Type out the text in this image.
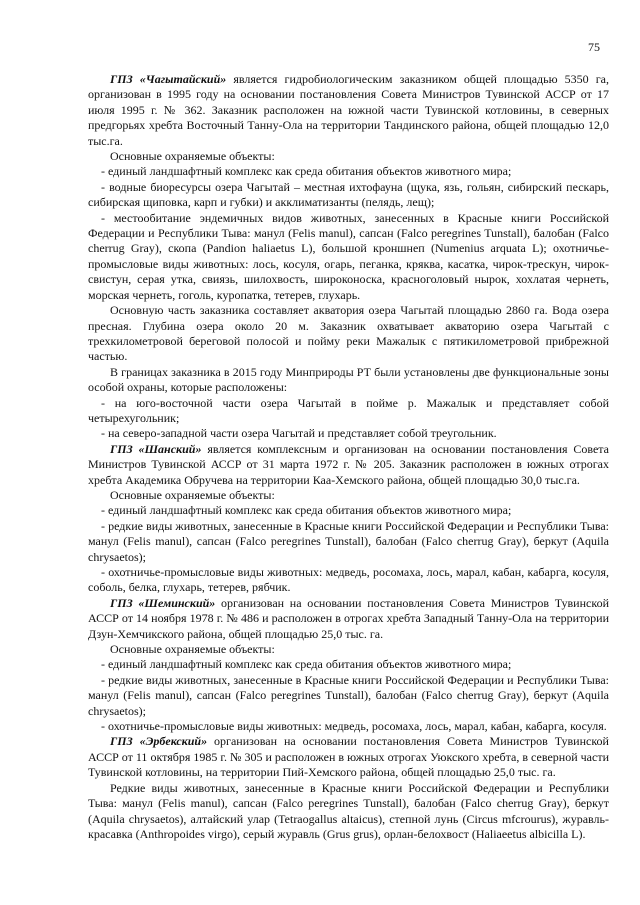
75

ГПЗ «Чагытайский» является гидробиологическим заказником общей площадью 5350 га, организован в 1995 году на основании постановления Совета Министров Тувинской АССР от 17 июля 1995 г. № 362. Заказник расположен на южной части Тувинской котловины, в северных предгорьях хребта Восточный Танну-Ола на территории Тандинского района, общей площадью 12,0 тыс.га.

Основные охраняемые объекты:

- единый ландшафтный комплекс как среда обитания объектов животного мира;

- водные биоресурсы озера Чагытай – местная ихтофауна (щука, язь, гольян, сибирский пескарь, сибирская щиповка, карп и губки) и акклиматизанты (пелядь, лещ);

- местообитание эндемичных видов животных, занесенных в Красные книги Российской Федерации и Республики Тыва: манул (Felis manul), сапсан (Falco peregrines Tunstall), балобан (Falco cherrug Gray), скопа (Pandion haliaetus L), большой кроншнеп (Numenius arquata L); охотничье-промысловые виды животных: лось, косуля, огарь, пеганка, кряква, касатка, чирок-трескун, чирок-свистун, серая утка, свиязь, шилохвость, широконоска, красноголовый нырок, хохлатая чернеть, морская чернеть, гоголь, куропатка, тетерев, глухарь.

Основную часть заказника составляет акватория озера Чагытай площадью 2860 га. Вода озера пресная. Глубина озера около 20 м. Заказник охватывает акваторию озера Чагытай с трехкилометровой береговой полосой и пойму реки Мажалык с пятикилометровой прибрежной частью.

В границах заказника в 2015 году Минприроды РТ были установлены две функциональные зоны особой охраны, которые расположены:

- на юго-восточной части озера Чагытай в пойме р. Мажалык и представляет собой четырехугольник;

- на северо-западной части озера Чагытай и представляет собой треугольник.

ГПЗ «Шанский» является комплексным и организован на основании постановления Совета Министров Тувинской АССР от 31 марта 1972 г. № 205. Заказник расположен в южных отрогах хребта Академика Обручева на территории Каа-Хемского района, общей площадью 30,0 тыс.га.

Основные охраняемые объекты:

- единый ландшафтный комплекс как среда обитания объектов животного мира;

- редкие виды животных, занесенные в Красные книги Российской Федерации и Республики Тыва: манул (Felis manul), сапсан (Falco peregrines Tunstall), балобан (Falco cherrug Gray), беркут (Aquila chrysaetos);

- охотничье-промысловые виды животных: медведь, росомаха, лось, марал, кабан, кабарга, косуля, соболь, белка, глухарь, тетерев, рябчик.

ГПЗ «Шеминский» организован на основании постановления Совета Министров Тувинской АССР от 14 ноября 1978 г. № 486 и расположен в отрогах хребта Западный Танну-Ола на территории Дзун-Хемчикского района, общей площадью 25,0 тыс. га.

Основные охраняемые объекты:

- единый ландшафтный комплекс как среда обитания объектов животного мира;

- редкие виды животных, занесенные в Красные книги Российской Федерации и Республики Тыва: манул (Felis manul), сапсан (Falco peregrines Tunstall), балобан (Falco cherrug Gray), беркут (Aquila chrysaetos);

- охотничье-промысловые виды животных: медведь, росомаха, лось, марал, кабан, кабарга, косуля.

ГПЗ «Эрбекский» организован на основании постановления Совета Министров Тувинской АССР от 11 октября 1985 г. № 305 и расположен в южных отрогах Уюкского хребта, в северной части Тувинской котловины, на территории Пий-Хемского района, общей площадью 25,0 тыс. га.

Редкие виды животных, занесенные в Красные книги Российской Федерации и Республики Тыва: манул (Felis manul), сапсан (Falco peregrines Tunstall), балобан (Falco cherrug Gray), беркут (Aquila chrysaetos), алтайский улар (Tetraogallus altaicus), степной лунь (Circus mfcrourus), журавль-красавка (Anthropoides virgo), серый журавль (Grus grus), орлан-белохвост (Haliaeetus albicilla L).
